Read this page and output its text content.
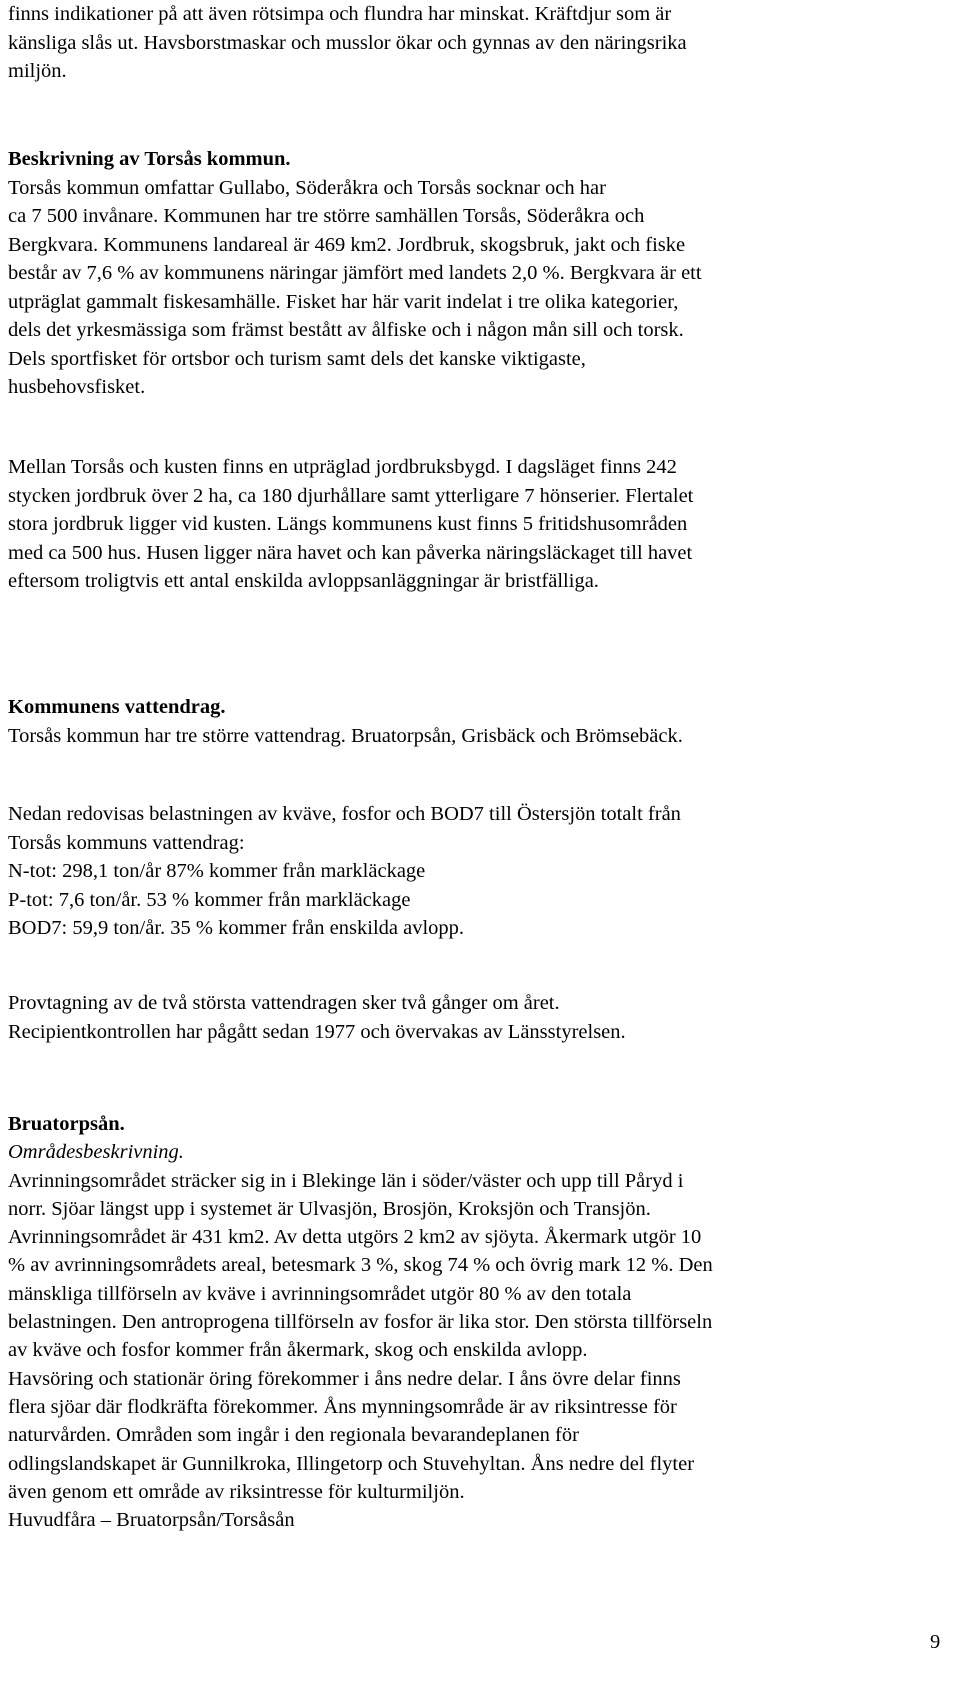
finns indikationer på att även rötsimpa och flundra har minskat. Kräftdjur som är
känsliga slås ut. Havsborstmaskar och musslor ökar och gynnas av den näringsrika
miljön.
Beskrivning av Torsås kommun.
Torsås kommun omfattar Gullabo, Söderåkra och Torsås socknar och har
ca 7 500 invånare. Kommunen har tre större samhällen Torsås, Söderåkra och
Bergkvara. Kommunens landareal är 469 km2. Jordbruk, skogsbruk, jakt och fiske
består av 7,6 % av kommunens näringar jämfört med landets 2,0 %. Bergkvara är ett
utpräglat gammalt fiskesamhälle. Fisket har här varit indelat i tre olika kategorier,
dels det yrkesmässiga som främst bestått av ålfiske och i någon mån sill och torsk.
Dels sportfisket för ortsbor och turism samt dels det kanske viktigaste,
husbehovsfisket.
Mellan Torsås och kusten finns en utpräglad jordbruksbygd. I dagsläget finns 242
stycken jordbruk över 2 ha, ca 180 djurhållare samt ytterligare 7 hönserier. Flertalet
stora jordbruk ligger vid kusten. Längs kommunens kust finns 5 fritidshusområden
med ca 500 hus. Husen ligger nära havet och kan påverka näringsläckaget till havet
eftersom troligtvis ett antal enskilda avloppsanläggningar är bristfälliga.
Kommunens vattendrag.
Torsås kommun har tre större vattendrag. Bruatorpsån, Grisbäck och Brömsebäck.
Nedan redovisas belastningen av kväve, fosfor och BOD7 till Östersjön totalt från
Torsås kommuns vattendrag:
N-tot: 298,1 ton/år 87% kommer från markläckage
P-tot: 7,6 ton/år. 53 % kommer från markläckage
BOD7: 59,9 ton/år. 35 % kommer från enskilda avlopp.
Provtagning av de två största vattendragen sker två gånger om året.
Recipientkontrollen har pågått sedan 1977 och övervakas av Länsstyrelsen.
Bruatorpsån.
Områdesbeskrivning.
Avrinningsområdet sträcker sig in i Blekinge län i söder/väster och upp till Påryd i
norr. Sjöar längst upp i systemet är Ulvasjön, Brosjön, Kroksjön och Transjön.
Avrinningsområdet är 431 km2. Av detta utgörs 2 km2 av sjöyta. Åkermark utgör 10
% av avrinningsområdets areal, betesmark 3 %, skog 74 % och övrig mark 12 %. Den
mänskliga tillförseln av kväve i avrinningsområdet utgör 80 % av den totala
belastningen. Den antroprogena tillförseln av fosfor är lika stor. Den största tillförseln
av kväve och fosfor kommer från åkermark, skog och enskilda avlopp.
Havsöring och stationär öring förekommer i åns nedre delar. I åns övre delar finns
flera sjöar där flodkräfta förekommer. Åns mynningsområde är av riksintresse för
naturvården. Områden som ingår i den regionala bevarandeplanen för
odlingslandskapet är Gunnilkroka, Illingetorp och Stuvehyltan. Åns nedre del flyter
även genom ett område av riksintresse för kulturmiljön.
Huvudfåra – Bruatorpsån/Torsåsån
9
